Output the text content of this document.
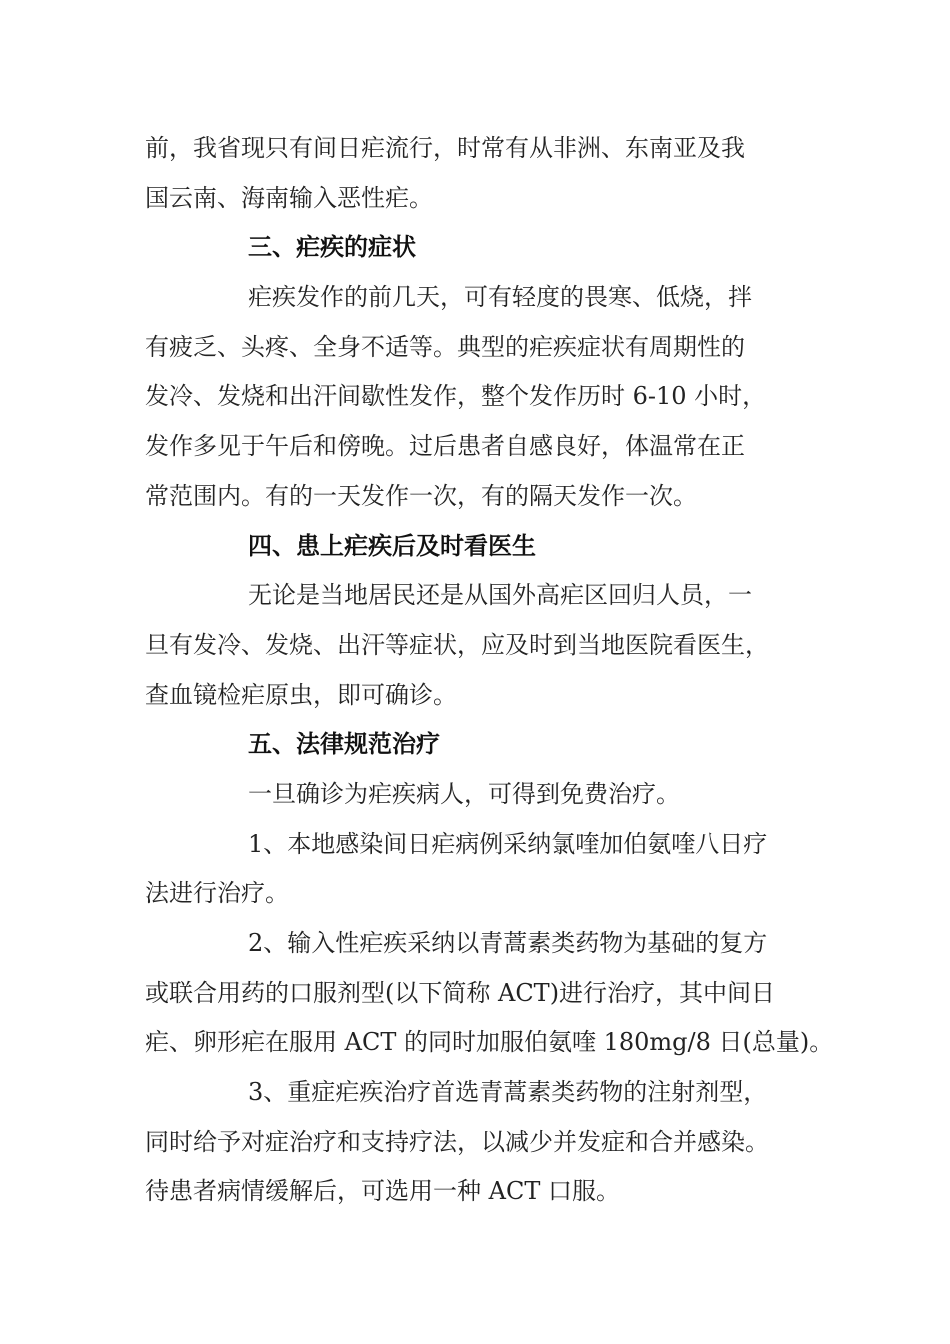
前，我省现只有间日疟流行，时常有从非洲、东南亚及我
国云南、海南输入恶性疟。
三、疟疾的症状
疟疾发作的前几天，可有轻度的畏寒、低烧，拌
有疲乏、头疼、全身不适等。典型的疟疾症状有周期性的
发冷、发烧和出汗间歇性发作，整个发作历时 6-10 小时，
发作多见于午后和傍晚。过后患者自感良好，体温常在正
常范围内。有的一天发作一次，有的隔天发作一次。
四、患上疟疾后及时看医生
无论是当地居民还是从国外高疟区回归人员，一
旦有发冷、发烧、出汗等症状，应及时到当地医院看医生，
查血镜检疟原虫，即可确诊。
五、法律规范治疗
一旦确诊为疟疾病人，可得到免费治疗。
1、本地感染间日疟病例采纳氯喹加伯氨喹八日疗
法进行治疗。
2、输入性疟疾采纳以青蒿素类药物为基础的复方
或联合用药的口服剂型(以下简称 ACT)进行治疗，其中间日
疟、卵形疟在服用 ACT 的同时加服伯氨喹 180mg/8 日(总量)。
3、重症疟疾治疗首选青蒿素类药物的注射剂型，
同时给予对症治疗和支持疗法，以减少并发症和合并感染。
待患者病情缓解后，可选用一种 ACT 口服。
